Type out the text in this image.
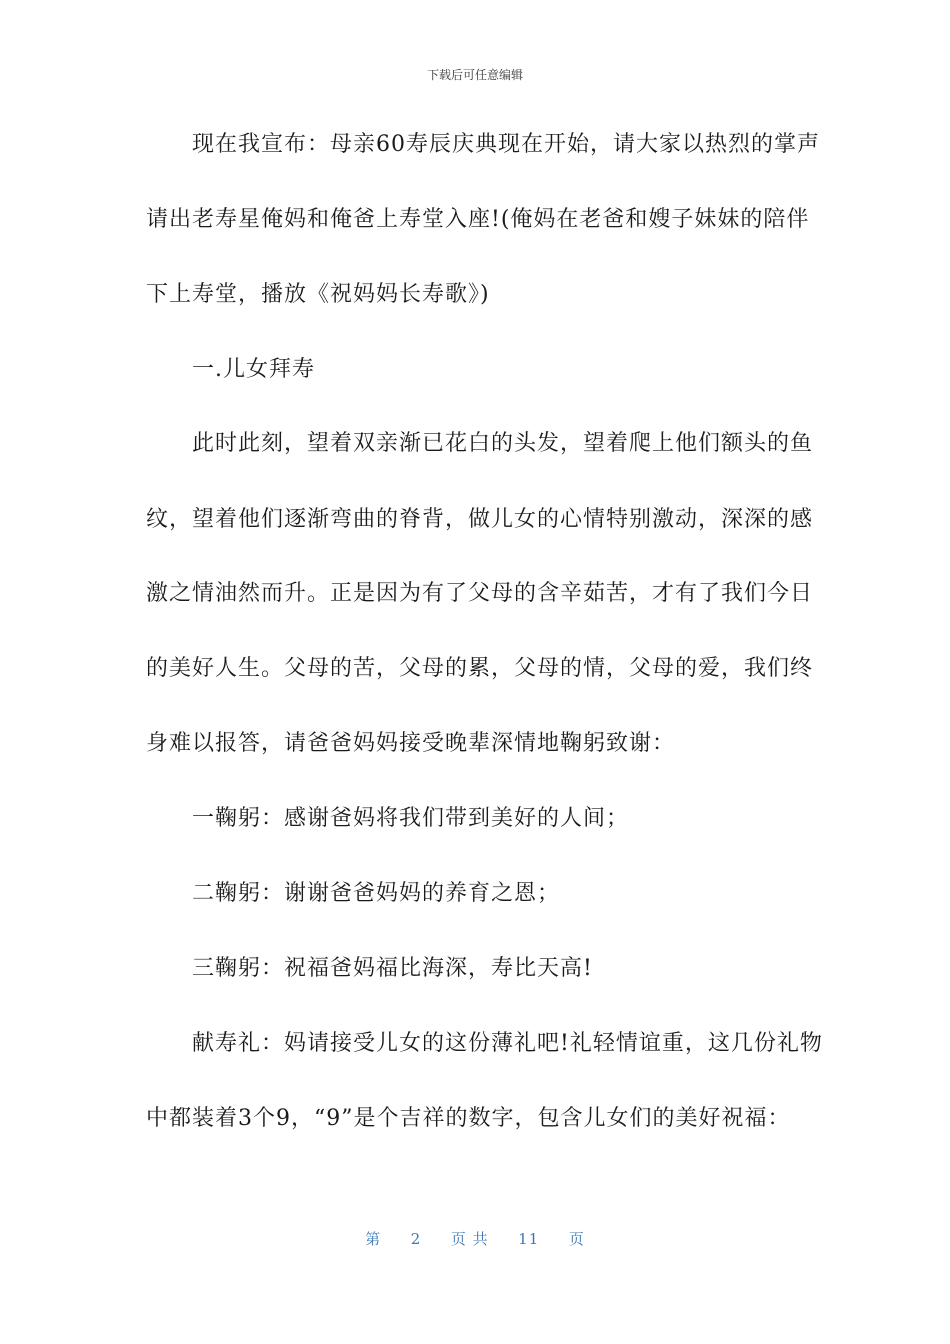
下载后可任意编辑
现在我宣布：母亲60寿辰庆典现在开始，请大家以热烈的掌声
请出老寿星俺妈和俺爸上寿堂入座!(俺妈在老爸和嫂子妹妹的陪伴
下上寿堂，播放《祝妈妈长寿歌》)
一.儿女拜寿
此时此刻，望着双亲渐已花白的头发，望着爬上他们额头的鱼
纹，望着他们逐渐弯曲的脊背，做儿女的心情特别激动，深深的感
激之情油然而升。正是因为有了父母的含辛茹苦，才有了我们今日
的美好人生。父母的苦，父母的累，父母的情，父母的爱，我们终
身难以报答，请爸爸妈妈接受晚辈深情地鞠躬致谢：
一鞠躬：感谢爸妈将我们带到美好的人间；
二鞠躬：谢谢爸爸妈妈的养育之恩；
三鞠躬：祝福爸妈福比海深，寿比天高!
献寿礼：妈请接受儿女的这份薄礼吧!礼轻情谊重，这几份礼物
中都装着3个9，“9”是个吉祥的数字，包含儿女们的美好祝福：
第 2 页 共 11 页
